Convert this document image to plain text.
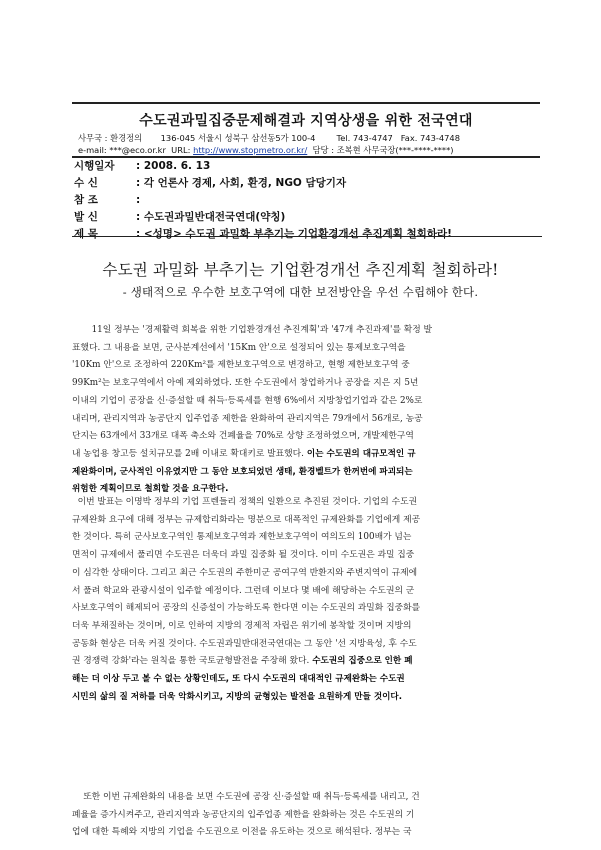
수도권과밀집중문제해결과 지역상생을 위한 전국연대
사무국 : 환경정의 136-045 서울시 성북구 삼선동5가 100-4	Tel. 743-4747 Fax. 743-4748
e-mail: ***@eco.or.kr URL: http://www.stopmetro.or.kr/ 담당 : 조복현 사무국장(***-****-****)
시행일자 : 2008. 6. 13
수 신	: 각 언론사 경제, 사회, 환경, NGO 담당기자
참 조	:
발 신	: 수도권과밀반대전국연대(약칭)
제 목	: <성명> 수도권 과밀화 부추기는 기업환경개선 추진계획 철회하라!
수도권 과밀화 부추기는 기업환경개선 추진계획 철회하라!
- 생태적으로 우수한 보호구역에 대한 보전방안을 우선 수립해야 한다.
11일 정부는 '경제활력 회복을 위한 기업환경개선 추진계획'과 '47개 추진과제'를 확정 발
표했다. 그 내용을 보면, 군사분계선에서 '15Km 안'으로 설정되어 있는 통제보호구역을
'10Km 안'으로 조정하여 220Km²를 제한보호구역으로 변경하고, 현행 제한보호구역 중
99Km²는 보호구역에서 아예 제외하였다. 또한 수도권에서 창업하거나 공장을 지은 지 5년
이내의 기업이 공장을 신·증설할 때 취득·등록세를 현행 6%에서 지방창업기업과 같은 2%로
내리며, 관리지역과 농공단지 입주업종 제한을 완화하여 관리지역은 79개에서 56개로, 농공
단지는 63개에서 33개로 대폭 축소와 건폐율을 70%로 상향 조정하였으며, 개발제한구역
내 농업용 창고등 설치규모를 2배 이내로 확대키로 발표했다. 이는 수도권의 대규모적인 규
제완화이며, 군사적인 이유였지만 그 동안 보호되었던 생태, 환경벨트가 한꺼번에 파괴되는
위험한 계획이므로 철회할 것을 요구한다.
이번 발표는 이명박 정부의 기업 프렌들리 정책의 일환으로 추진된 것이다. 기업의 수도권
규제완화 요구에 대해 정부는 규제합리화라는 명분으로 대폭적인 규제완화를 기업에게 제공
한 것이다. 특히 군사보호구역인 통제보호구역과 제한보호구역이 여의도의 100배가 넘는
면적이 규제에서 풀리면 수도권은 더욱더 과밀 집중화 될 것이다. 이미 수도권은 과밀 집중
이 심각한 상태이다. 그리고 최근 수도권의 주한미군 공여구역 반환지와 주변지역이 규제에
서 풀려 학교와 관광시설이 입주할 예정이다. 그런데 이보다 몇 배에 해당하는 수도권의 군
사보호구역이 해제되어 공장의 신증설이 가능하도록 한다면 이는 수도권의 과밀화 집중화를
더욱 부채질하는 것이며, 이로 인하여 지방의 경제적 자립은 위기에 봉착할 것이며 지방의
공동화 현상은 더욱 커질 것이다. 수도권과밀반대전국연대는 그 동안 '선 지방육성, 후 수도
권 경쟁력 강화'라는 원칙을 통한 국토균형발전을 주장해 왔다. 수도권의 집중으로 인한 폐
해는 더 이상 두고 볼 수 없는 상황인데도, 또 다시 수도권의 대대적인 규제완화는 수도권
시민의 삶의 질 저하를 더욱 악화시키고, 지방의 균형있는 발전을 요원하게 만들 것이다.
또한 이번 규제완화의 내용을 보면 수도권에 공장 신·증설할 때 취득·등록세를 내리고, 건
폐율을 증가시켜주고, 관리지역과 농공단지의 입주업종 제한을 완화하는 것은 수도권의 기
업에 대한 특혜와 지방의 기업을 수도권으로 이전을 유도하는 것으로 해석된다. 정부는 국
